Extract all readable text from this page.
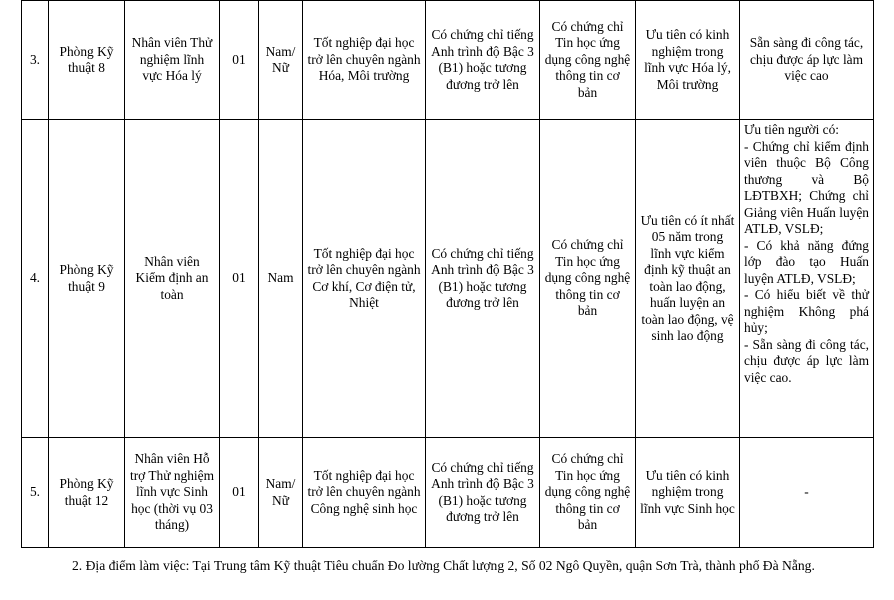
3.	Phòng Kỹ thuật 8	Nhân viên Thử nghiệm lĩnh vực Hóa lý	01	Nam/ Nữ	Tốt nghiệp đại học trở lên chuyên ngành Hóa, Môi trường	Có chứng chỉ tiếng Anh trình độ Bậc 3 (B1) hoặc tương đương trở lên	Có chứng chỉ Tin học ứng dụng công nghệ thông tin cơ bản	Ưu tiên có kinh nghiệm trong lĩnh vực Hóa lý, Môi trường	Sẵn sàng đi công tác, chịu được áp lực làm việc cao

4.	Phòng Kỹ thuật 9	Nhân viên Kiểm định an toàn	01	Nam	Tốt nghiệp đại học trở lên chuyên ngành Cơ khí, Cơ điện tử, Nhiệt	Có chứng chỉ tiếng Anh trình độ Bậc 3 (B1) hoặc tương đương trở lên	Có chứng chỉ Tin học ứng dụng công nghệ thông tin cơ bản	Ưu tiên có ít nhất 05 năm trong lĩnh vực kiểm định kỹ thuật an toàn lao động, huấn luyện an toàn lao động, vệ sinh lao động	Ưu tiên người có:
- Chứng chỉ kiểm định viên thuộc Bộ Công thương và Bộ LĐTBXH; Chứng chỉ Giảng viên Huấn luyện ATLĐ, VSLĐ;
- Có khả năng đứng lớp đào tạo Huấn luyện ATLĐ, VSLĐ;
- Có hiểu biết về thử nghiệm Không phá hủy;
- Sẵn sàng đi công tác, chịu được áp lực làm việc cao.

5.	Phòng Kỹ thuật 12	Nhân viên Hỗ trợ Thử nghiệm lĩnh vực Sinh học (thời vụ 03 tháng)	01	Nam/ Nữ	Tốt nghiệp đại học trở lên chuyên ngành Công nghệ sinh học	Có chứng chỉ tiếng Anh trình độ Bậc 3 (B1) hoặc tương đương trở lên	Có chứng chỉ Tin học ứng dụng công nghệ thông tin cơ bản	Ưu tiên có kinh nghiệm trong lĩnh vực Sinh học	-
2. Địa điểm làm việc: Tại Trung tâm Kỹ thuật Tiêu chuẩn Đo lường Chất lượng 2, Số 02 Ngô Quyền, quận Sơn Trà, thành phố Đà Nẵng.
